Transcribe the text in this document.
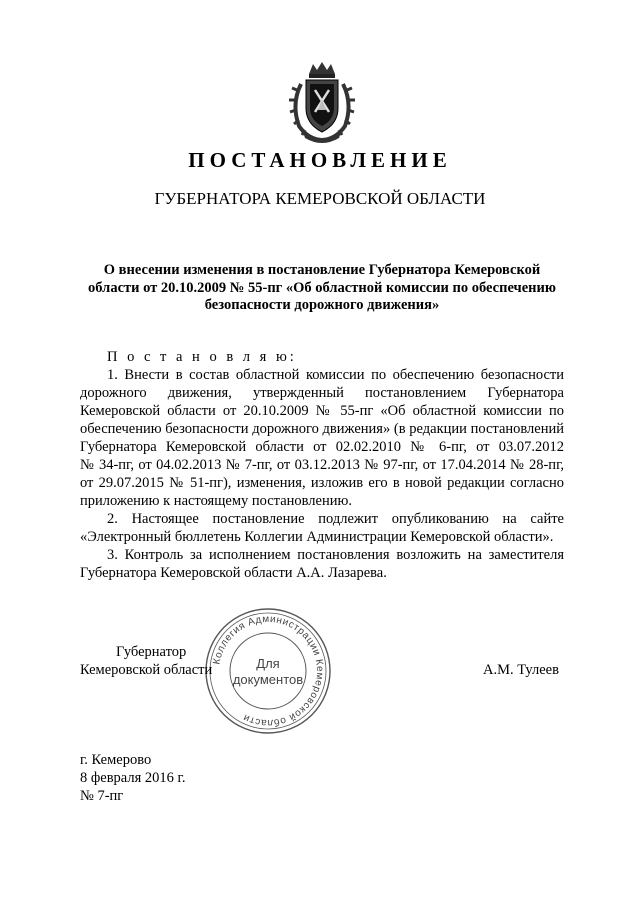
ПОСТАНОВЛЕНИЕ
ГУБЕРНАТОРА КЕМЕРОВСКОЙ ОБЛАСТИ
О внесении изменения в постановление Губернатора Кемеровской
области от 20.10.2009 № 55-пг «Об областной комиссии по обеспечению
безопасности дорожного движения»
П о с т а н о в л я ю:
1. Внести в состав областной комиссии по обеспечению безопасности
дорожного движения, утвержденный постановлением Губернатора
Кемеровской области от 20.10.2009 № 55-пг «Об областной комиссии по
обеспечению безопасности дорожного движения» (в редакции постановлений
Губернатора Кемеровской области от 02.02.2010 № 6-пг, от 03.07.2012
№ 34-пг, от 04.02.2013 № 7-пг, от 03.12.2013 № 97-пг, от 17.04.2014 № 28-пг,
от 29.07.2015 № 51-пг), изменения, изложив его в новой редакции согласно
приложению к настоящему постановлению.
2. Настоящее постановление подлежит опубликованию на сайте
«Электронный бюллетень Коллегии Администрации Кемеровской области».
3. Контроль за исполнением постановления возложить на заместителя
Губернатора Кемеровской области А.А. Лазарева.
Коллегия Администрации Кемеровской области
Для
документов
Губернатор
Кемеровской области	А.М. Тулеев
г. Кемерово
8 февраля 2016 г.
№ 7-пг
